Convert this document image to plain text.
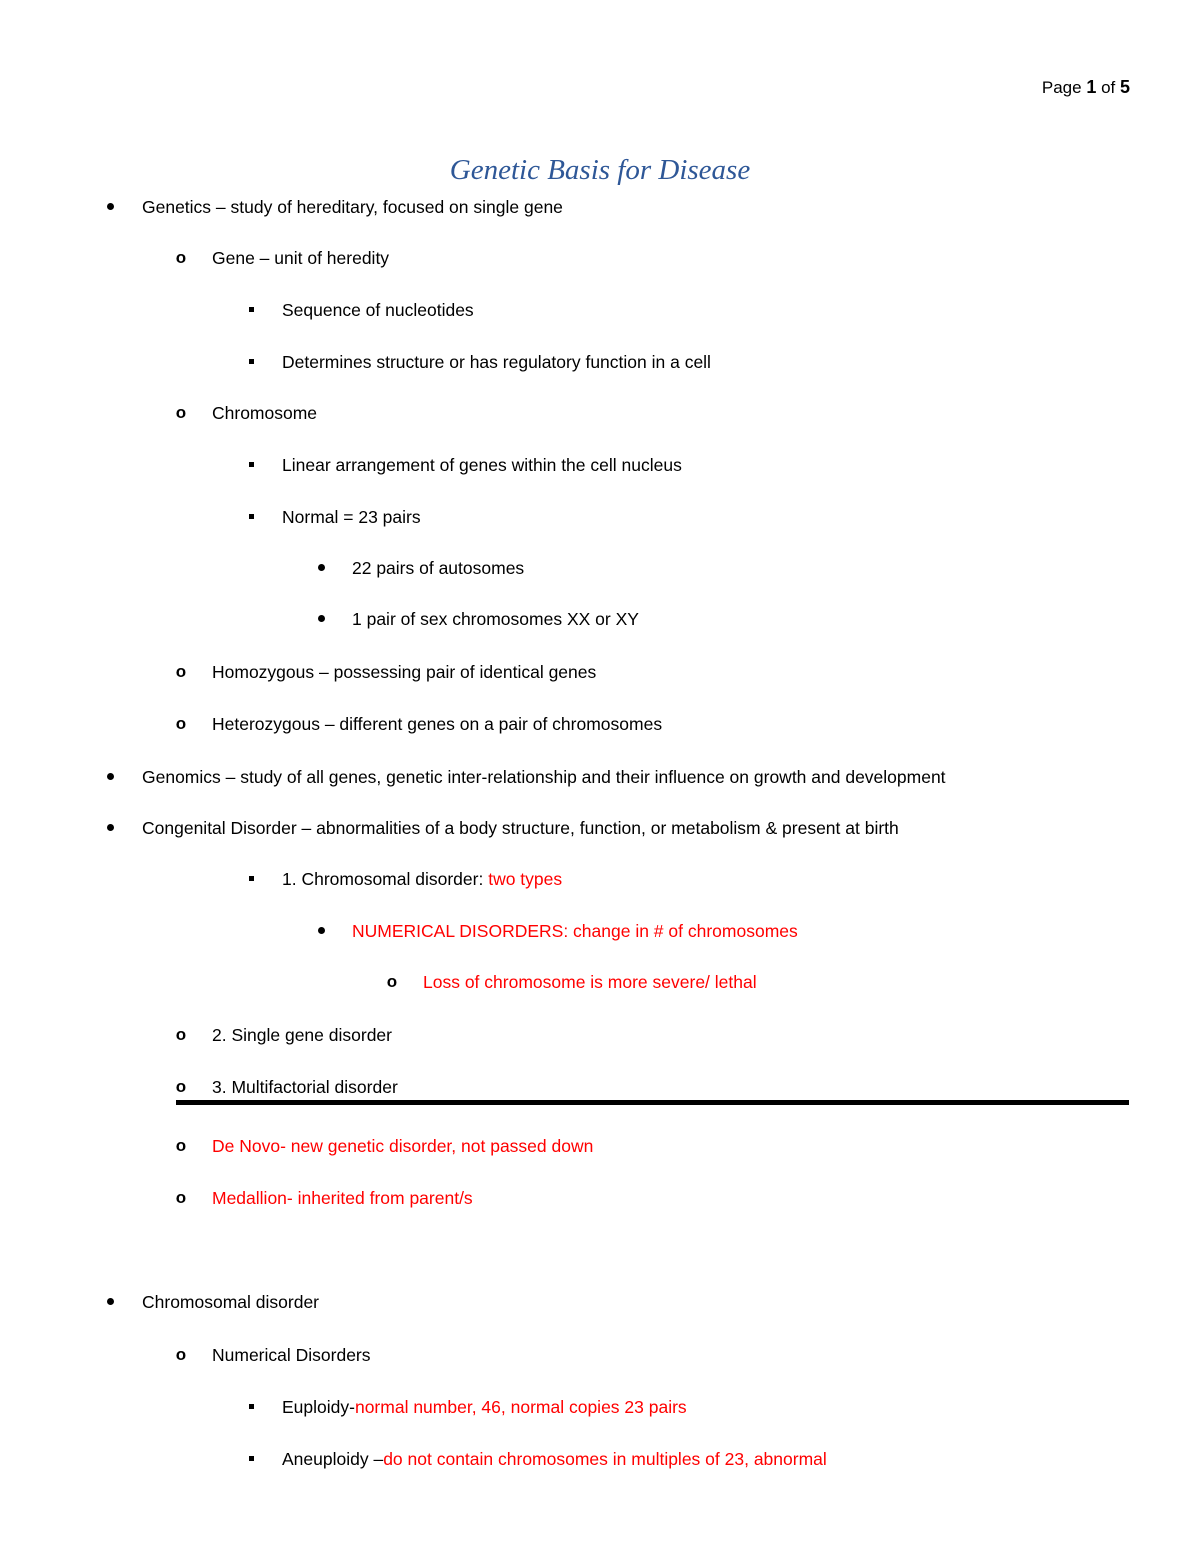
Page 1 of 5
Genetic Basis for Disease
Genetics – study of hereditary, focused on single gene
o	Gene – unit of heredity
Sequence of nucleotides
Determines structure or has regulatory function in a cell
o	Chromosome
Linear arrangement of genes within the cell nucleus
Normal = 23 pairs
22 pairs of autosomes
1 pair of sex chromosomes XX or XY
o	Homozygous – possessing pair of identical genes
o	Heterozygous – different genes on a pair of chromosomes
Genomics – study of all genes, genetic inter-relationship and their influence on growth and development
Congenital Disorder – abnormalities of a body structure, function, or metabolism & present at birth
1. Chromosomal disorder: two types
NUMERICAL DISORDERS: change in # of chromosomes
o	Loss of chromosome is more severe/ lethal
o	2. Single gene disorder
o	3. Multifactorial disorder
o	De Novo- new genetic disorder, not passed down
o	Medallion- inherited from parent/s
Chromosomal disorder
o	Numerical Disorders
Euploidy-normal number, 46, normal copies 23 pairs
Aneuploidy –do not contain chromosomes in multiples of 23, abnormal
